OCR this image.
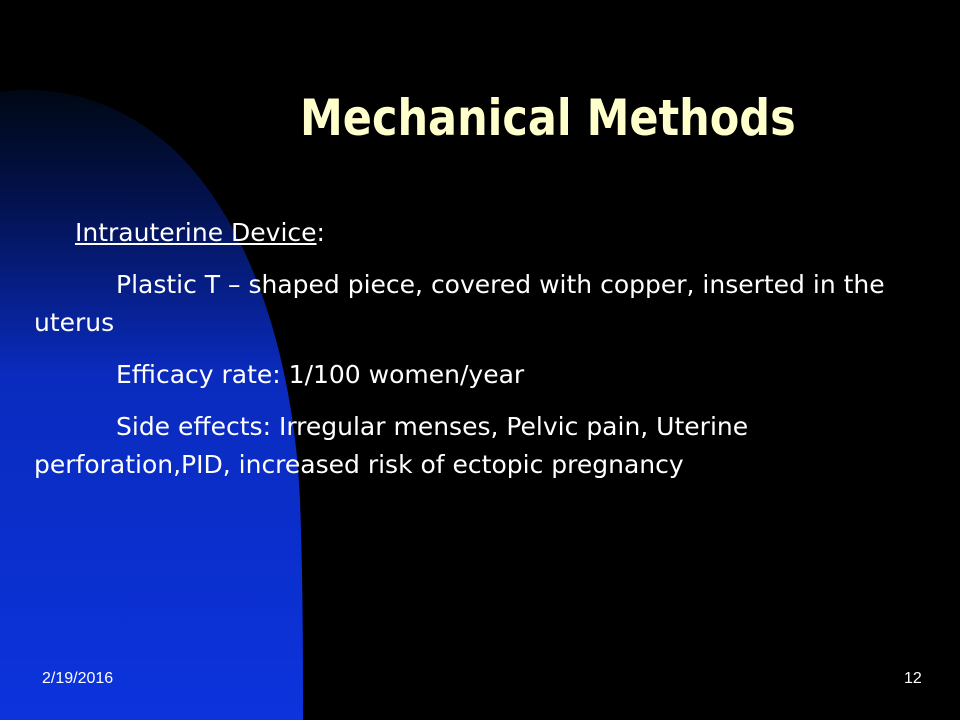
Mechanical Methods

Intrauterine Device:

Plastic T – shaped piece, covered with copper, inserted in the uterus

Efficacy rate: 1/100 women/year

Side effects: Irregular menses, Pelvic pain, Uterine perforation,PID, increased risk of ectopic pregnancy

2/19/2016	12
